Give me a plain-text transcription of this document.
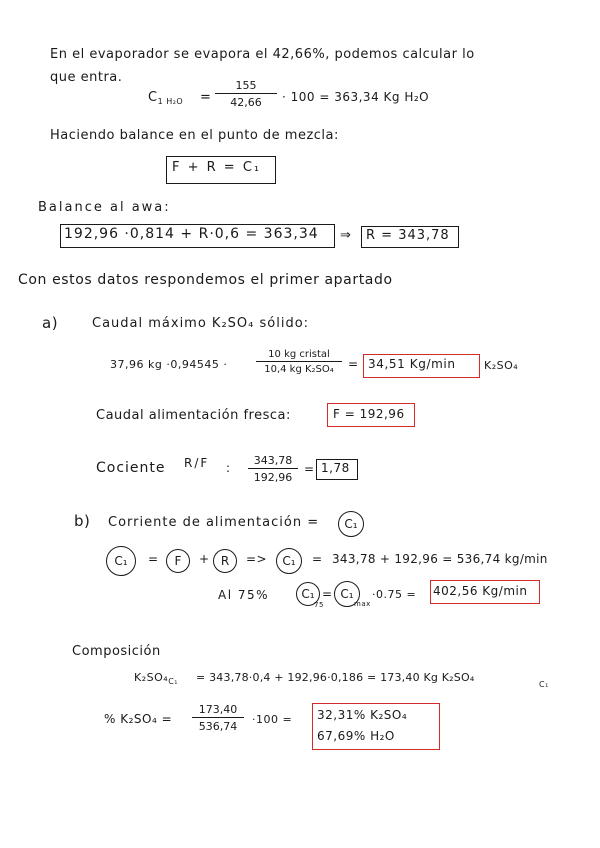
En el evaporador se evapora el 42,66%, podemos calcular lo
que entra.
$C_{1 H_2O}$ =
155
42,66 · 100 = 363,34 Kg H₂O
Haciendo balance en el punto de mezcla:
F + R = C₁
Balance al awa:
192,96 ·0,814 + R·0,6 = 363,34 ⇒ R = 343,78
Con estos datos respondemos el primer apartado
a)	Caudal máximo K₂SO₄ sólido:
37,96 kg ·0,94545 ·
10 kg cristal
10,4 kg K₂SO₄ = 34,51 Kg/min	K₂SO₄
Caudal alimentación fresca:	F = 192,96
Cociente R/F :
343,78
192,96
= 1,78
b) Corriente de alimentación =	C₁
C₁	=	F	+ R	=>	C₁	= 343,78 + 192,96 = 536,74 kg/min
Al 75%	C₁
75
= C₁
max
·0.75 = 402,56 Kg/min
Composición
$K_2SO_4_{C_1} = 343,78\cdot 0,4 + 192,96\cdot 0,186 = 173,40$ Kg K₂SO₄
C₁
% K₂SO₄ =
173,40
536,74
·100 = 32,31% K₂SO₄
67,69% H₂O
